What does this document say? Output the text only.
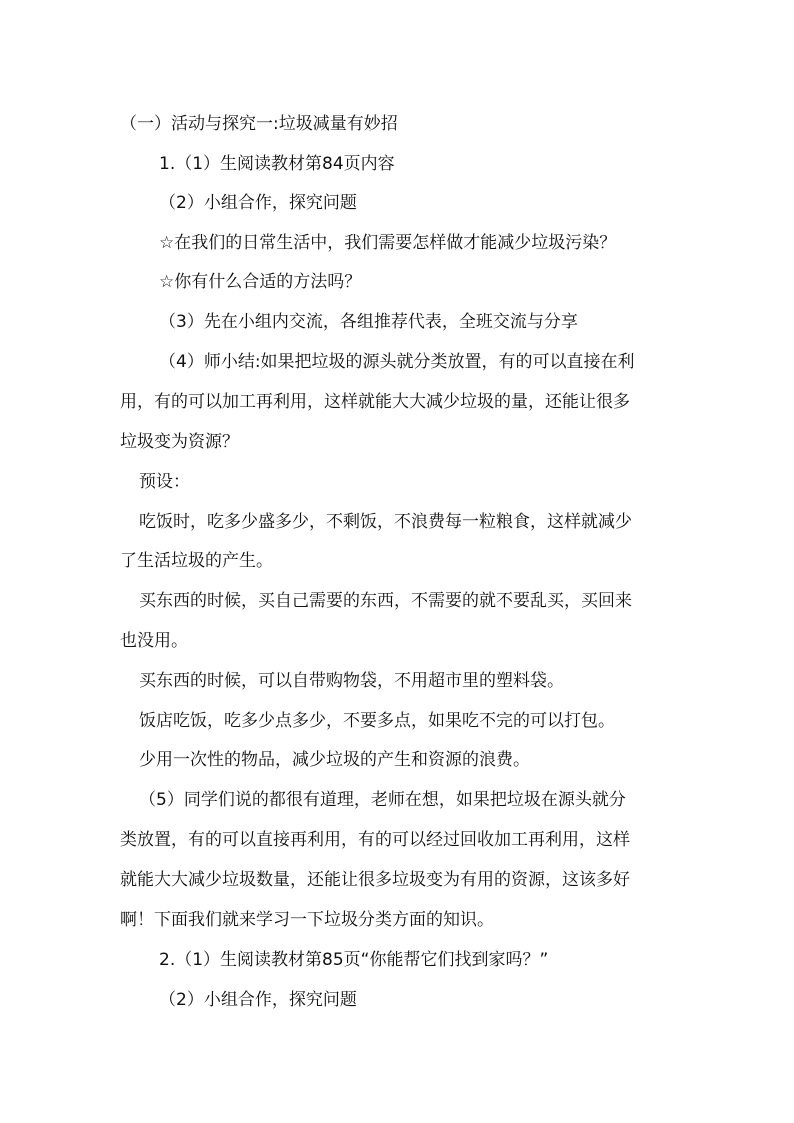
（一）活动与探究一:垃圾减量有妙招
1.（1）生阅读教材第84页内容
（2）小组合作，探究问题
☆在我们的日常生活中，我们需要怎样做才能减少垃圾污染？
☆你有什么合适的方法吗？
（3）先在小组内交流，各组推荐代表，全班交流与分享
（4）师小结:如果把垃圾的源头就分类放置，有的可以直接在利
用，有的可以加工再利用，这样就能大大减少垃圾的量，还能让很多
垃圾变为资源？
预设：
吃饭时，吃多少盛多少，不剩饭，不浪费每一粒粮食，这样就减少
了生活垃圾的产生。
买东西的时候，买自己需要的东西，不需要的就不要乱买，买回来
也没用。
买东西的时候，可以自带购物袋，不用超市里的塑料袋。
饭店吃饭，吃多少点多少，不要多点，如果吃不完的可以打包。
少用一次性的物品，减少垃圾的产生和资源的浪费。
（5）同学们说的都很有道理，老师在想，如果把垃圾在源头就分
类放置，有的可以直接再利用，有的可以经过回收加工再利用，这样
就能大大减少垃圾数量，还能让很多垃圾变为有用的资源，这该多好
啊！下面我们就来学习一下垃圾分类方面的知识。
2.（1）生阅读教材第85页“你能帮它们找到家吗？”
（2）小组合作，探究问题
